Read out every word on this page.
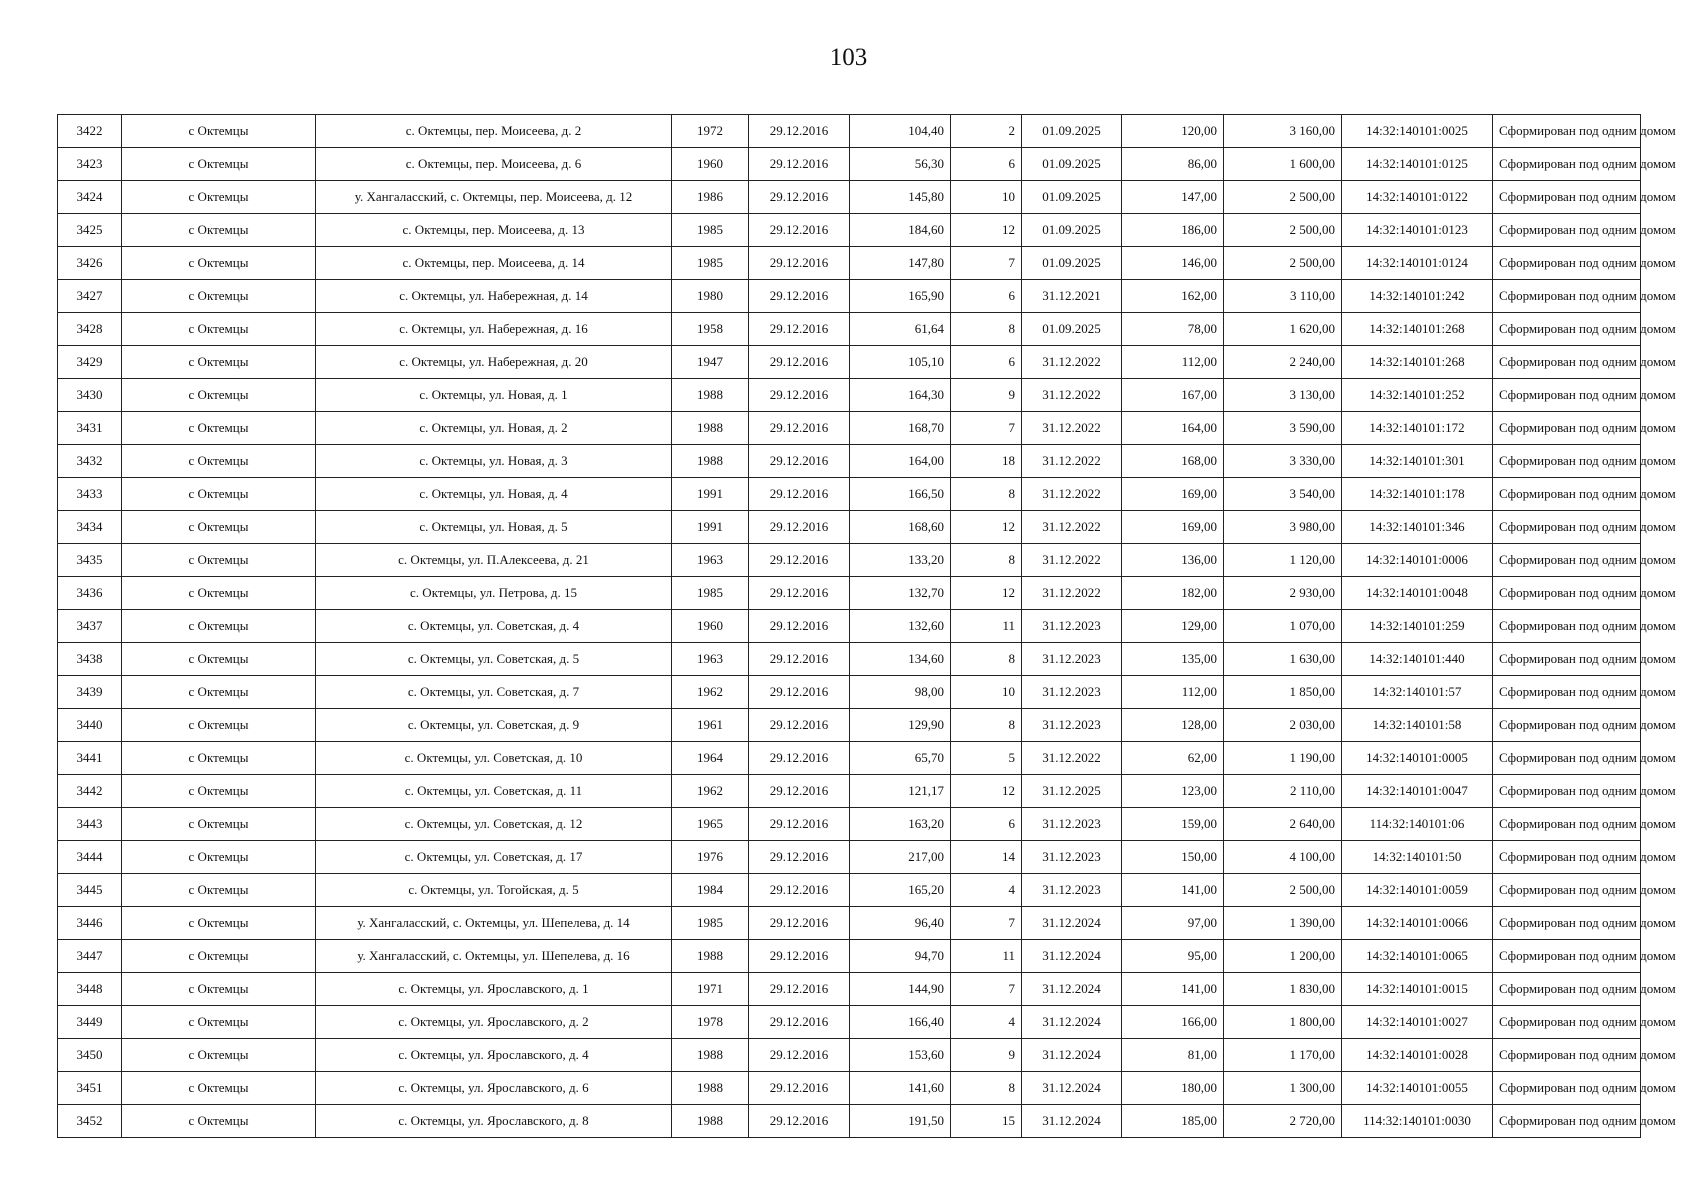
103
3422	с Октемцы	с. Октемцы, пер. Моисеева, д. 2	1972	29.12.2016	104,40	2	01.09.2025	120,00	3 160,00	14:32:140101:0025	Сформирован под одним домом
3423	с Октемцы	с. Октемцы, пер. Моисеева, д. 6	1960	29.12.2016	56,30	6	01.09.2025	86,00	1 600,00	14:32:140101:0125	Сформирован под одним домом
3424	с Октемцы	у. Хангаласский, с. Октемцы, пер. Моисеева, д. 12	1986	29.12.2016	145,80	10	01.09.2025	147,00	2 500,00	14:32:140101:0122	Сформирован под одним домом
3425	с Октемцы	с. Октемцы, пер. Моисеева, д. 13	1985	29.12.2016	184,60	12	01.09.2025	186,00	2 500,00	14:32:140101:0123	Сформирован под одним домом
3426	с Октемцы	с. Октемцы, пер. Моисеева, д. 14	1985	29.12.2016	147,80	7	01.09.2025	146,00	2 500,00	14:32:140101:0124	Сформирован под одним домом
3427	с Октемцы	с. Октемцы, ул. Набережная, д. 14	1980	29.12.2016	165,90	6	31.12.2021	162,00	3 110,00	14:32:140101:242	Сформирован под одним домом
3428	с Октемцы	с. Октемцы, ул. Набережная, д. 16	1958	29.12.2016	61,64	8	01.09.2025	78,00	1 620,00	14:32:140101:268	Сформирован под одним домом
3429	с Октемцы	с. Октемцы, ул. Набережная, д. 20	1947	29.12.2016	105,10	6	31.12.2022	112,00	2 240,00	14:32:140101:268	Сформирован под одним домом
3430	с Октемцы	с. Октемцы, ул. Новая, д. 1	1988	29.12.2016	164,30	9	31.12.2022	167,00	3 130,00	14:32:140101:252	Сформирован под одним домом
3431	с Октемцы	с. Октемцы, ул. Новая, д. 2	1988	29.12.2016	168,70	7	31.12.2022	164,00	3 590,00	14:32:140101:172	Сформирован под одним домом
3432	с Октемцы	с. Октемцы, ул. Новая, д. 3	1988	29.12.2016	164,00	18	31.12.2022	168,00	3 330,00	14:32:140101:301	Сформирован под одним домом
3433	с Октемцы	с. Октемцы, ул. Новая, д. 4	1991	29.12.2016	166,50	8	31.12.2022	169,00	3 540,00	14:32:140101:178	Сформирован под одним домом
3434	с Октемцы	с. Октемцы, ул. Новая, д. 5	1991	29.12.2016	168,60	12	31.12.2022	169,00	3 980,00	14:32:140101:346	Сформирован под одним домом
3435	с Октемцы	с. Октемцы, ул. П.Алексеева, д. 21	1963	29.12.2016	133,20	8	31.12.2022	136,00	1 120,00	14:32:140101:0006	Сформирован под одним домом
3436	с Октемцы	с. Октемцы, ул. Петрова, д. 15	1985	29.12.2016	132,70	12	31.12.2022	182,00	2 930,00	14:32:140101:0048	Сформирован под одним домом
3437	с Октемцы	с. Октемцы, ул. Советская, д. 4	1960	29.12.2016	132,60	11	31.12.2023	129,00	1 070,00	14:32:140101:259	Сформирован под одним домом
3438	с Октемцы	с. Октемцы, ул. Советская, д. 5	1963	29.12.2016	134,60	8	31.12.2023	135,00	1 630,00	14:32:140101:440	Сформирован под одним домом
3439	с Октемцы	с. Октемцы, ул. Советская, д. 7	1962	29.12.2016	98,00	10	31.12.2023	112,00	1 850,00	14:32:140101:57	Сформирован под одним домом
3440	с Октемцы	с. Октемцы, ул. Советская, д. 9	1961	29.12.2016	129,90	8	31.12.2023	128,00	2 030,00	14:32:140101:58	Сформирован под одним домом
3441	с Октемцы	с. Октемцы, ул. Советская, д. 10	1964	29.12.2016	65,70	5	31.12.2022	62,00	1 190,00	14:32:140101:0005	Сформирован под одним домом
3442	с Октемцы	с. Октемцы, ул. Советская, д. 11	1962	29.12.2016	121,17	12	31.12.2025	123,00	2 110,00	14:32:140101:0047	Сформирован под одним домом
3443	с Октемцы	с. Октемцы, ул. Советская, д. 12	1965	29.12.2016	163,20	6	31.12.2023	159,00	2 640,00	114:32:140101:06	Сформирован под одним домом
3444	с Октемцы	с. Октемцы, ул. Советская, д. 17	1976	29.12.2016	217,00	14	31.12.2023	150,00	4 100,00	14:32:140101:50	Сформирован под одним домом
3445	с Октемцы	с. Октемцы, ул. Тогойская, д. 5	1984	29.12.2016	165,20	4	31.12.2023	141,00	2 500,00	14:32:140101:0059	Сформирован под одним домом
3446	с Октемцы	у. Хангаласский, с. Октемцы, ул. Шепелева, д. 14	1985	29.12.2016	96,40	7	31.12.2024	97,00	1 390,00	14:32:140101:0066	Сформирован под одним домом
3447	с Октемцы	у. Хангаласский, с. Октемцы, ул. Шепелева, д. 16	1988	29.12.2016	94,70	11	31.12.2024	95,00	1 200,00	14:32:140101:0065	Сформирован под одним домом
3448	с Октемцы	с. Октемцы, ул. Ярославского, д. 1	1971	29.12.2016	144,90	7	31.12.2024	141,00	1 830,00	14:32:140101:0015	Сформирован под одним домом
3449	с Октемцы	с. Октемцы, ул. Ярославского, д. 2	1978	29.12.2016	166,40	4	31.12.2024	166,00	1 800,00	14:32:140101:0027	Сформирован под одним домом
3450	с Октемцы	с. Октемцы, ул. Ярославского, д. 4	1988	29.12.2016	153,60	9	31.12.2024	81,00	1 170,00	14:32:140101:0028	Сформирован под одним домом
3451	с Октемцы	с. Октемцы, ул. Ярославского, д. 6	1988	29.12.2016	141,60	8	31.12.2024	180,00	1 300,00	14:32:140101:0055	Сформирован под одним домом
3452	с Октемцы	с. Октемцы, ул. Ярославского, д. 8	1988	29.12.2016	191,50	15	31.12.2024	185,00	2 720,00	114:32:140101:0030	Сформирован под одним домом
